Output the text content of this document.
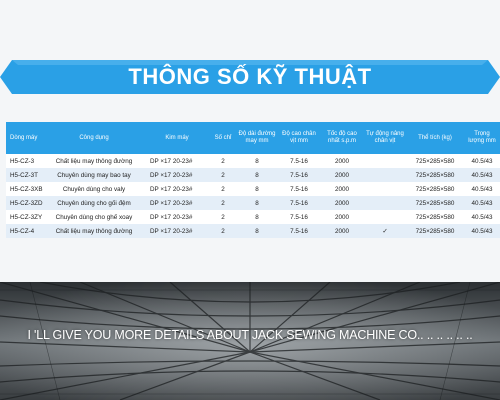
THÔNG SỐ KỸ THUẬT
Dòng máy	Công dụng	Kim máy	Số chỉ	Độ dài đường may mm	Độ cao chân vịt mm	Tốc độ cao nhất s.p.m	Tự động nâng chân vịt	Thể tích (kg)	Trọng lượng mm
H5-CZ-3	Chất liệu may thông đường	DP ×17 20-23#	2	8	7.5-16	2000		725×285×580	40.5/43
H5-CZ-3T	Chuyên dùng may bao tay	DP ×17 20-23#	2	8	7.5-16	2000		725×285×580	40.5/43
H5-CZ-3XB	Chuyên dùng cho valy	DP ×17 20-23#	2	8	7.5-16	2000		725×285×580	40.5/43
H5-CZ-3ZD	Chuyên dùng cho gối đệm	DP ×17 20-23#	2	8	7.5-16	2000		725×285×580	40.5/43
H5-CZ-3ZY	Chuyên dùng cho ghế xoay	DP ×17 20-23#	2	8	7.5-16	2000		725×285×580	40.5/43
H5-CZ-4	Chất liệu may thông đường	DP ×17 20-23#	2	8	7.5-16	2000	✓	725×285×580	40.5/43
I 'LL GIVE YOU MORE DETAILS ABOUT JACK SEWING MACHINE CO.. .. .. .. .. ..
